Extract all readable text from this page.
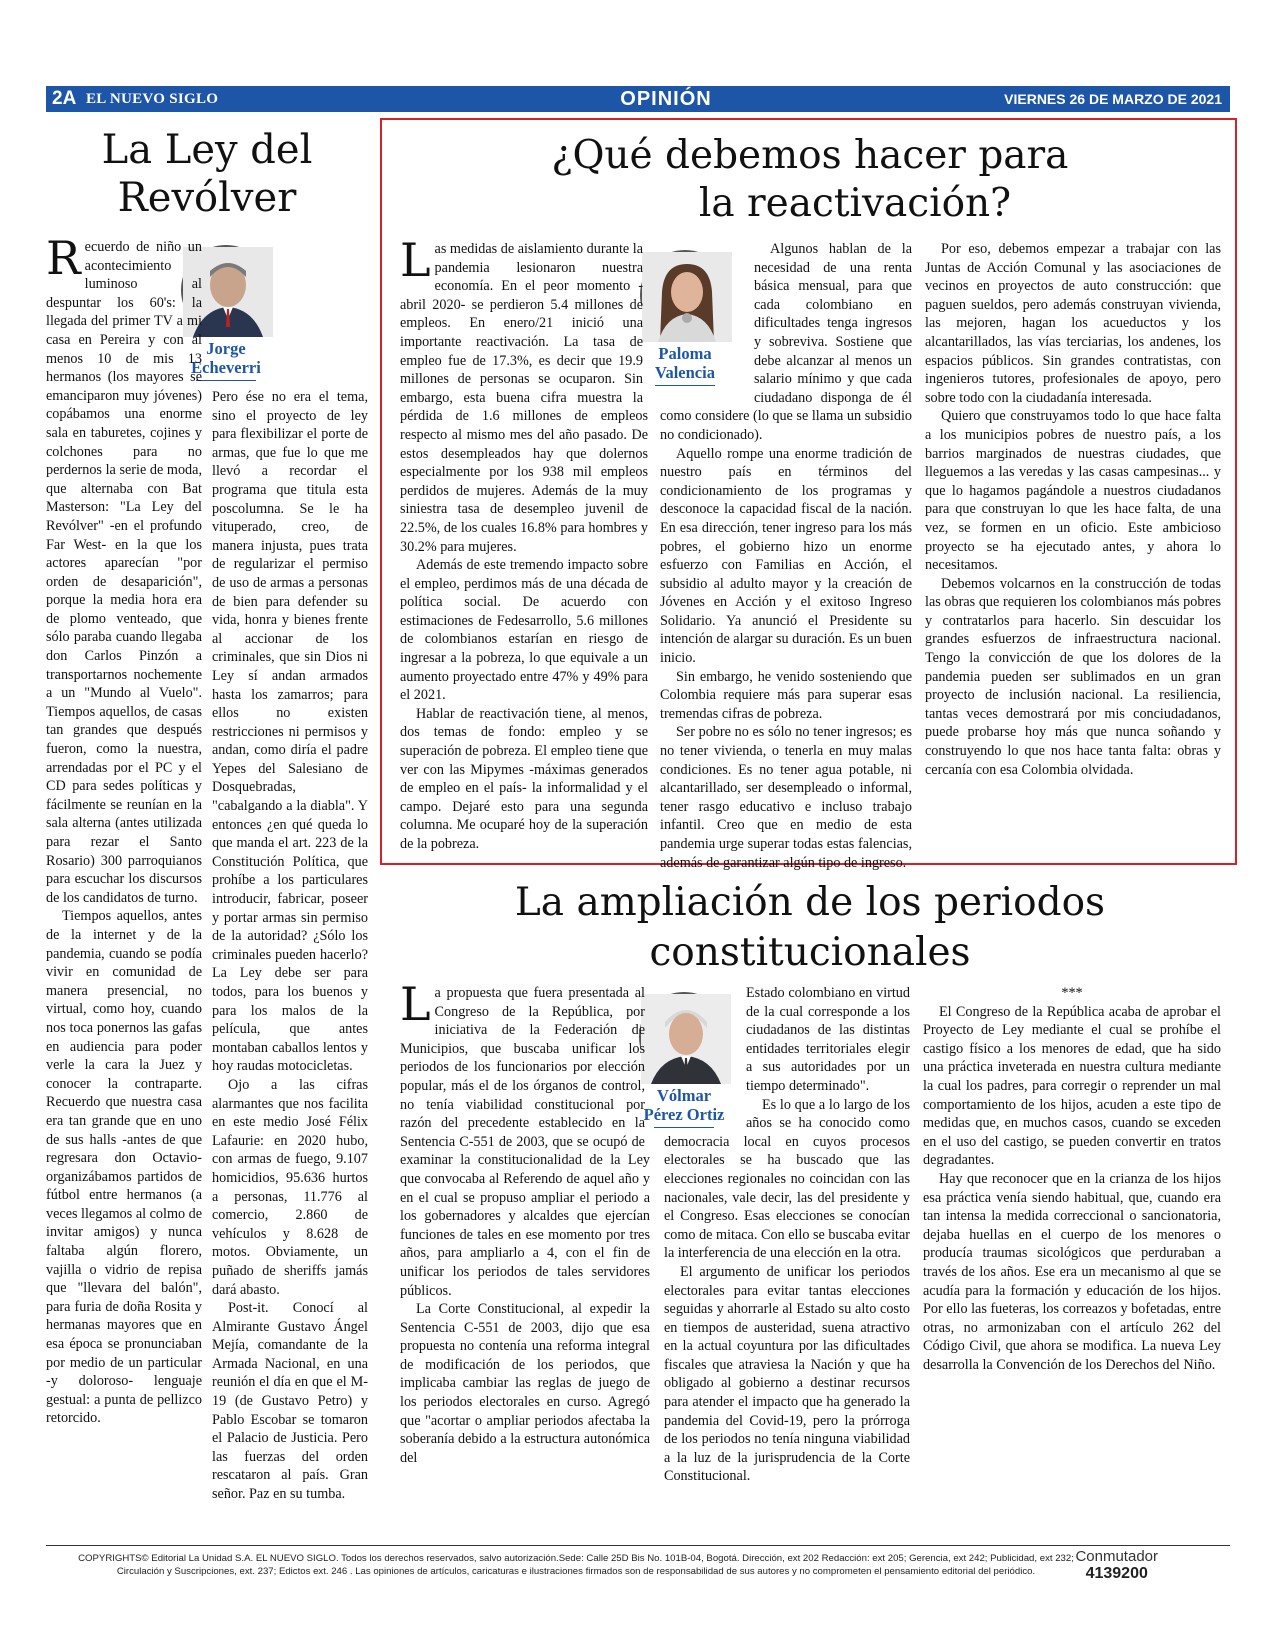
2A EL NUEVO SIGLO	OPINIÓN	VIERNES 26 DE MARZO DE 2021
La Ley del
Revólver
Jorge
Echeverri

Recuerdo de niño un acontecimiento luminoso al despuntar los 60's: la llegada del primer TV a mi casa en Pereira y con al menos 10 de mis 13 hermanos (los mayores se emanciparon muy jóvenes) copábamos una enorme sala en taburetes, cojines y colchones para no perdernos la serie de moda, que alternaba con Bat Masterson: "La Ley del Revólver" -en el profundo Far West- en la que los actores aparecían "por orden de desaparición", porque la media hora era de plomo venteado, que sólo paraba cuando llegaba don Carlos Pinzón a transportarnos nochemente a un "Mundo al Vuelo". Tiempos aquellos, de casas tan grandes que después fueron, como la nuestra, arrendadas por el PC y el CD para sedes políticas y fácilmente se reunían en la sala alterna (antes utilizada para rezar el Santo Rosario) 300 parroquianos para escuchar los discursos de los candidatos de turno.

Tiempos aquellos, antes de la internet y de la pandemia, cuando se podía vivir en comunidad de manera presencial, no virtual, como hoy, cuando nos toca ponernos las gafas en audiencia para poder verle la cara la Juez y conocer la contraparte. Recuerdo que nuestra casa era tan grande que en uno de sus halls -antes de que regresara don Octavio- organizábamos partidos de fútbol entre hermanos (a veces llegamos al colmo de invitar amigos) y nunca faltaba algún florero, vajilla o vidrio de repisa que "llevara del balón", para furia de doña Rosita y hermanas mayores que en esa época se pronunciaban por medio de un particular -y doloroso- lenguaje gestual: a punta de pellizco retorcido.

Pero ése no era el tema, sino el proyecto de ley para flexibilizar el porte de armas, que fue lo que me llevó a recordar el programa que titula esta poscolumna. Se le ha vituperado, creo, de manera injusta, pues trata de regularizar el permiso de uso de armas a personas de bien para defender su vida, honra y bienes frente al accionar de los criminales, que sin Dios ni Ley sí andan armados hasta los zamarros; para ellos no existen restricciones ni permisos y andan, como diría el padre Yepes del Salesiano de Dosquebradas, "cabalgando a la diabla". Y entonces ¿en qué queda lo que manda el art. 223 de la Constitución Política, que prohíbe a los particulares introducir, fabricar, poseer y portar armas sin permiso de la autoridad? ¿Sólo los criminales pueden hacerlo? La Ley debe ser para todos, para los buenos y para los malos de la película, que antes montaban caballos lentos y hoy raudas motocicletas.

Ojo a las cifras alarmantes que nos facilita en este medio José Félix Lafaurie: en 2020 hubo, con armas de fuego, 9.107 homicidios, 95.636 hurtos a personas, 11.776 al comercio, 2.860 de vehículos y 8.628 de motos. Obviamente, un puñado de sheriffs jamás dará abasto.

Post-it. Conocí al Almirante Gustavo Ángel Mejía, comandante de la Armada Nacional, en una reunión el día en que el M-19 (de Gustavo Petro) y Pablo Escobar se tomaron el Palacio de Justicia. Pero las fuerzas del orden rescataron al país. Gran señor. Paz en su tumba.

¿Qué debemos hacer para
la reactivación?
Paloma
Valencia

Las medidas de aislamiento durante la pandemia lesionaron nuestra economía. En el peor momento -abril 2020- se perdieron 5.4 millones de empleos. En enero/21 inició una importante reactivación. La tasa de empleo fue de 17.3%, es decir que 19.9 millones de personas se ocuparon. Sin embargo, esta buena cifra muestra la pérdida de 1.6 millones de empleos respecto al mismo mes del año pasado. De estos desempleados hay que dolernos especialmente por los 938 mil empleos perdidos de mujeres. Además de la muy siniestra tasa de desempleo juvenil de 22.5%, de los cuales 16.8% para hombres y 30.2% para mujeres.

Además de este tremendo impacto sobre el empleo, perdimos más de una década de política social. De acuerdo con estimaciones de Fedesarrollo, 5.6 millones de colombianos estarían en riesgo de ingresar a la pobreza, lo que equivale a un aumento proyectado entre 47% y 49% para el 2021.

Hablar de reactivación tiene, al menos, dos temas de fondo: empleo y se superación de pobreza. El empleo tiene que ver con las Mipymes -máximas generados de empleo en el país- la informalidad y el campo. Dejaré esto para una segunda columna. Me ocuparé hoy de la superación de la pobreza.

Algunos hablan de la necesidad de una renta básica mensual, para que cada colombiano en dificultades tenga ingresos y sobreviva. Sostiene que debe alcanzar al menos un salario mínimo y que cada ciudadano disponga de él como considere (lo que se llama un subsidio no condicionado).

Aquello rompe una enorme tradición de nuestro país en términos del condicionamiento de los programas y desconoce la capacidad fiscal de la nación. En esa dirección, tener ingreso para los más pobres, el gobierno hizo un enorme esfuerzo con Familias en Acción, el subsidio al adulto mayor y la creación de Jóvenes en Acción y el exitoso Ingreso Solidario. Ya anunció el Presidente su intención de alargar su duración. Es un buen inicio.

Sin embargo, he venido sosteniendo que Colombia requiere más para superar esas tremendas cifras de pobreza.

Ser pobre no es sólo no tener ingresos; es no tener vivienda, o tenerla en muy malas condiciones. Es no tener agua potable, ni alcantarillado, ser desempleado o informal, tener rasgo educativo e incluso trabajo infantil. Creo que en medio de esta pandemia urge superar todas estas falencias, además de garantizar algún tipo de ingreso.

Por eso, debemos empezar a trabajar con las Juntas de Acción Comunal y las asociaciones de vecinos en proyectos de auto construcción: que paguen sueldos, pero además construyan vivienda, las mejoren, hagan los acueductos y los alcantarillados, las vías terciarias, los andenes, los espacios públicos. Sin grandes contratistas, con ingenieros tutores, profesionales de apoyo, pero sobre todo con la ciudadanía interesada.

Quiero que construyamos todo lo que hace falta a los municipios pobres de nuestro país, a los barrios marginados de nuestras ciudades, que lleguemos a las veredas y las casas campesinas... y que lo hagamos pagándole a nuestros ciudadanos para que construyan lo que les hace falta, de una vez, se formen en un oficio. Este ambicioso proyecto se ha ejecutado antes, y ahora lo necesitamos.

Debemos volcarnos en la construcción de todas las obras que requieren los colombianos más pobres y contratarlos para hacerlo. Sin descuidar los grandes esfuerzos de infraestructura nacional. Tengo la convicción de que los dolores de la pandemia pueden ser sublimados en un gran proyecto de inclusión nacional. La resiliencia, tantas veces demostrará por mis conciudadanos, puede probarse hoy más que nunca soñando y construyendo lo que nos hace tanta falta: obras y cercanía con esa Colombia olvidada.

La ampliación de los periodos
constitucionales
Vólmar
Pérez Ortiz

La propuesta que fuera presentada al Congreso de la República, por iniciativa de la Federación de Municipios, que buscaba unificar los periodos de los funcionarios por elección popular, más el de los órganos de control, no tenía viabilidad constitucional por razón del precedente establecido en la Sentencia C-551 de 2003, que se ocupó de examinar la constitucionalidad de la Ley que convocaba al Referendo de aquel año y en el cual se propuso ampliar el periodo a los gobernadores y alcaldes que ejercían funciones de tales en ese momento por tres años, para ampliarlo a 4, con el fin de unificar los periodos de tales servidores públicos.

La Corte Constitucional, al expedir la Sentencia C-551 de 2003, dijo que esa propuesta no contenía una reforma integral de modificación de los periodos, que implicaba cambiar las reglas de juego de los periodos electorales en curso. Agregó que "acortar o ampliar periodos afectaba la soberanía debido a la estructura autonómica del

Estado colombiano en virtud de la cual corresponde a los ciudadanos de las distintas entidades territoriales elegir a sus autoridades por un tiempo determinado".

Es lo que a lo largo de los años se ha conocido como democracia local en cuyos procesos electorales se ha buscado que las elecciones regionales no coincidan con las nacionales, vale decir, las del presidente y el Congreso. Esas elecciones se conocían como de mitaca. Con ello se buscaba evitar la interferencia de una elección en la otra.

El argumento de unificar los periodos electorales para evitar tantas elecciones seguidas y ahorrarle al Estado su alto costo en tiempos de austeridad, suena atractivo en la actual coyuntura por las dificultades fiscales que atraviesa la Nación y que ha obligado al gobierno a destinar recursos para atender el impacto que ha generado la pandemia del Covid-19, pero la prórroga de los periodos no tenía ninguna viabilidad a la luz de la jurisprudencia de la Corte Constitucional.

***

El Congreso de la República acaba de aprobar el Proyecto de Ley mediante el cual se prohíbe el castigo físico a los menores de edad, que ha sido una práctica inveterada en nuestra cultura mediante la cual los padres, para corregir o reprender un mal comportamiento de los hijos, acuden a este tipo de medidas que, en muchos casos, cuando se exceden en el uso del castigo, se pueden convertir en tratos degradantes.

Hay que reconocer que en la crianza de los hijos esa práctica venía siendo habitual, que, cuando era tan intensa la medida correccional o sancionatoria, dejaba huellas en el cuerpo de los menores o producía traumas sicológicos que perduraban a través de los años. Ese era un mecanismo al que se acudía para la formación y educación de los hijos. Por ello las fueteras, los correazos y bofetadas, entre otras, no armonizaban con el artículo 262 del Código Civil, que ahora se modifica. La nueva Ley desarrolla la Convención de los Derechos del Niño.

COPYRIGHTS© Editorial La Unidad S.A. EL NUEVO SIGLO. Todos los derechos reservados, salvo autorización.Sede: Calle 25D Bis No. 101B-04, Bogotá. Dirección, ext 202 Redacción: ext 205; Gerencia, ext 242; Publicidad, ext 232;
Circulación y Suscripciones, ext. 237; Edictos ext. 246 . Las opiniones de artículos, caricaturas e ilustraciones firmados son de responsabilidad de sus autores y no comprometen el pensamiento editorial del periódico.
Conmutador
4139200
